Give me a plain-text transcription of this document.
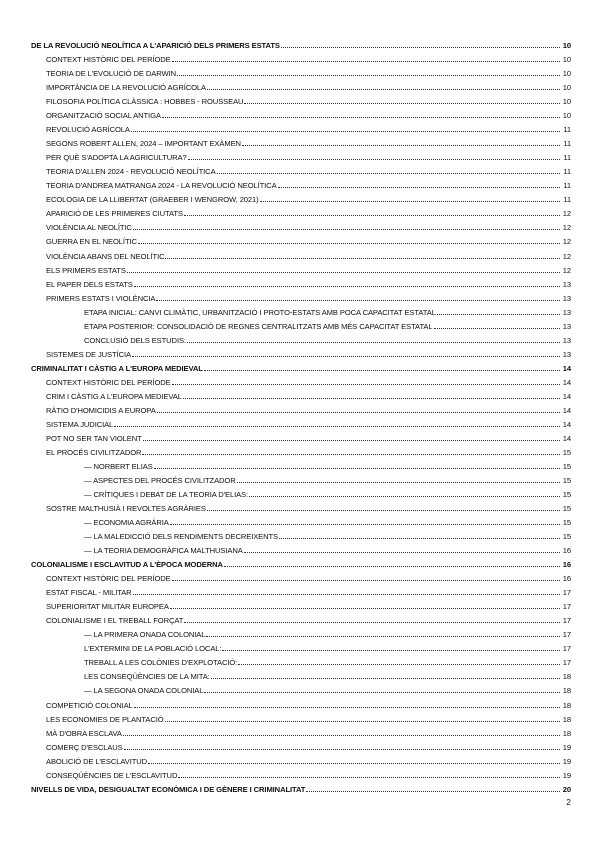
DE LA REVOLUCIÓ NEOLÍTICA A L'APARICIÓ DELS PRIMERS ESTATS	10
CONTEXT HISTÒRIC DEL PERÍODE	10
TEORIA DE L'EVOLUCIÓ DE DARWIN	10
IMPORTÀNCIA DE LA REVOLUCIÓ AGRÍCOLA	10
FILOSOFIA POLÍTICA CLÀSSICA : HOBBES - ROUSSEAU	10
ORGANITZACIÓ SOCIAL ANTIGA	10
REVOLUCIÓ AGRÍCOLA	11
SEGONS ROBERT ALLEN, 2024 – IMPORTANT EXÀMEN	11
PER QUÈ S'ADOPTA LA AGRICULTURA?	11
TEORIA D'ALLEN 2024 - REVOLUCIÓ NEOLÍTICA	11
TEORIA D'ANDREA MATRANGA 2024 - LA REVOLUCIÓ NEOLÍTICA	11
ECOLOGIA DE LA LLIBERTAT (GRAEBER I WENGROW, 2021)	11
APARICIÓ DE LES PRIMERES CIUTATS	12
VIOLÈNCIA AL NEOLÍTIC	12
GUERRA EN EL NEOLÍTIC	12
VIOLÈNCIA ABANS DEL NEOLÍTIC	12
ELS PRIMERS ESTATS	12
EL PAPER DELS ESTATS	13
PRIMERS ESTATS I VIOLÈNCIA	13
ETAPA INICIAL: CANVI CLIMÀTIC, URBANITZACIÓ I PROTO-ESTATS AMB POCA CAPACITAT ESTATAL	13
ETAPA POSTERIOR: CONSOLIDACIÓ DE REGNES CENTRALITZATS AMB MÉS CAPACITAT ESTATAL	13
CONCLUSIÓ DELS ESTUDIS:	13
SISTEMES DE JUSTÍCIA	13
CRIMINALITAT I CÀSTIG A L'EUROPA MEDIEVAL	14
CONTEXT HISTÒRIC DEL PERÍODE	14
CRIM I CÀSTIG A L'EUROPA MEDIEVAL	14
RÀTIO D'HOMICIDIS A EUROPA	14
SISTEMA JUDICIAL	14
POT NO SER TAN VIOLENT	14
EL PROCÉS CIVILITZADOR	15
— NORBERT ELIAS	15
— ASPECTES DEL PROCÉS CIVILITZADOR	15
— CRÍTIQUES I DEBAT DE LA TEORIA D'ELIAS:	15
SOSTRE MALTHUSIÀ I REVOLTES AGRÀRIES	15
— ECONOMIA AGRÀRIA	15
— LA MALEDICCIÓ DELS RENDIMENTS DECREIXENTS	15
— LA TEORIA DEMOGRÀFICA MALTHUSIANA	16
COLONIALISME I ESCLAVITUD A L'ÈPOCA MODERNA	16
CONTEXT HISTÒRIC DEL PERÍODE	16
ESTAT FISCAL - MILITAR	17
SUPERIORITAT MILITAR EUROPEA	17
COLONIALISME I EL TREBALL FORÇAT	17
— LA PRIMERA ONADA COLONIAL	17
L'EXTERMINI DE LA POBLACIÓ LOCAL:	17
TREBALL A LES COLÒNIES D'EXPLOTACIÓ:	17
LES CONSEQÜÈNCIES DE LA MITA:	18
— LA SEGONA ONADA COLONIAL	18
COMPETICIÓ COLONIAL	18
LES ECONOMIES DE PLANTACIÓ	18
MÀ D'OBRA ESCLAVA	18
COMERÇ D'ESCLAUS	19
ABOLICIÓ DE L'ESCLAVITUD	19
CONSEQÜÈNCIES DE L'ESCLAVITUD	19
NIVELLS DE VIDA, DESIGUALTAT ECONÒMICA I DE GÈNERE I CRIMINALITAT	20
2
